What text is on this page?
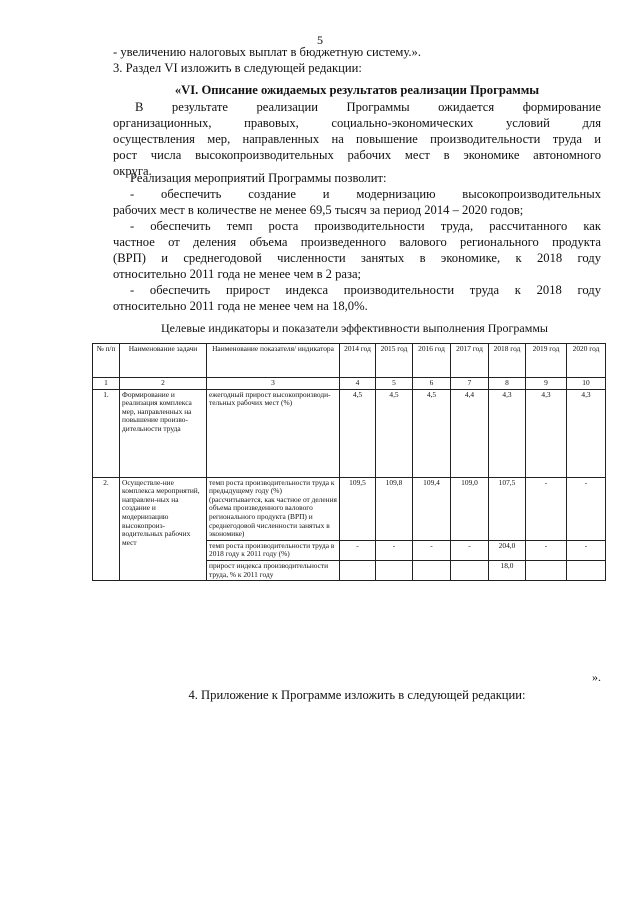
5
- увеличению налоговых выплат в бюджетную систему.».
3. Раздел VI изложить в следующей редакции:
«VI. Описание ожидаемых результатов реализации Программы
В результате реализации Программы ожидается формирование
организационных, правовых, социально-экономических условий для
осуществления мер, направленных на повышение производительности труда и
рост числа высокопроизводительных рабочих мест в экономике автономного
округа.
Реализация мероприятий Программы позволит:
- обеспечить создание и модернизацию высокопроизводительных
рабочих мест в количестве не менее 69,5 тысяч за период 2014 – 2020 годов;
- обеспечить темп роста производительности труда, рассчитанного как
частное от деления объема произведенного валового регионального продукта
(ВРП) и среднегодовой численности занятых в экономике, к 2018 году
относительно 2011 года не менее чем в 2 раза;
- обеспечить прирост индекса производительности труда к 2018 году
относительно 2011 года не менее чем на 18,0%.
Целевые индикаторы и показатели эффективности выполнения Программы
№ п/п	Наименование задачи	Наименование показателя/ индикатора	2014 год	2015 год	2016 год	2017 год	2018 год	2019 год	2020 год
1	2	3	4	5	6	7	8	9	10
1.	Формирование и реализация комплекса мер, направленных на повышение произво-дительности труда	ежегодный прирост высокопроизводи-тельных рабочих мест (%)	4,5	4,5	4,5	4,4	4,3	4,3	4,3
2.	Осуществле-ние комплекса мероприятий, направлен-ных на создание и модернизацию высокопроиз-водительных рабочих мест	темп роста производительности труда к предыдущему году (%) (рассчитывается, как частное от деления объема произведенного валового регионального продукта (ВРП) и среднегодовой численности занятых в экономике)	109,5	109,8	109,4	109,0	107,5	-	-
		темп роста производительности труда в 2018 году к 2011 году (%)	-	-	-	-	204,0	-	-
		прирост индекса производительности труда, % к 2011 году					18,0		
».
4. Приложение к Программе изложить в следующей редакции:
